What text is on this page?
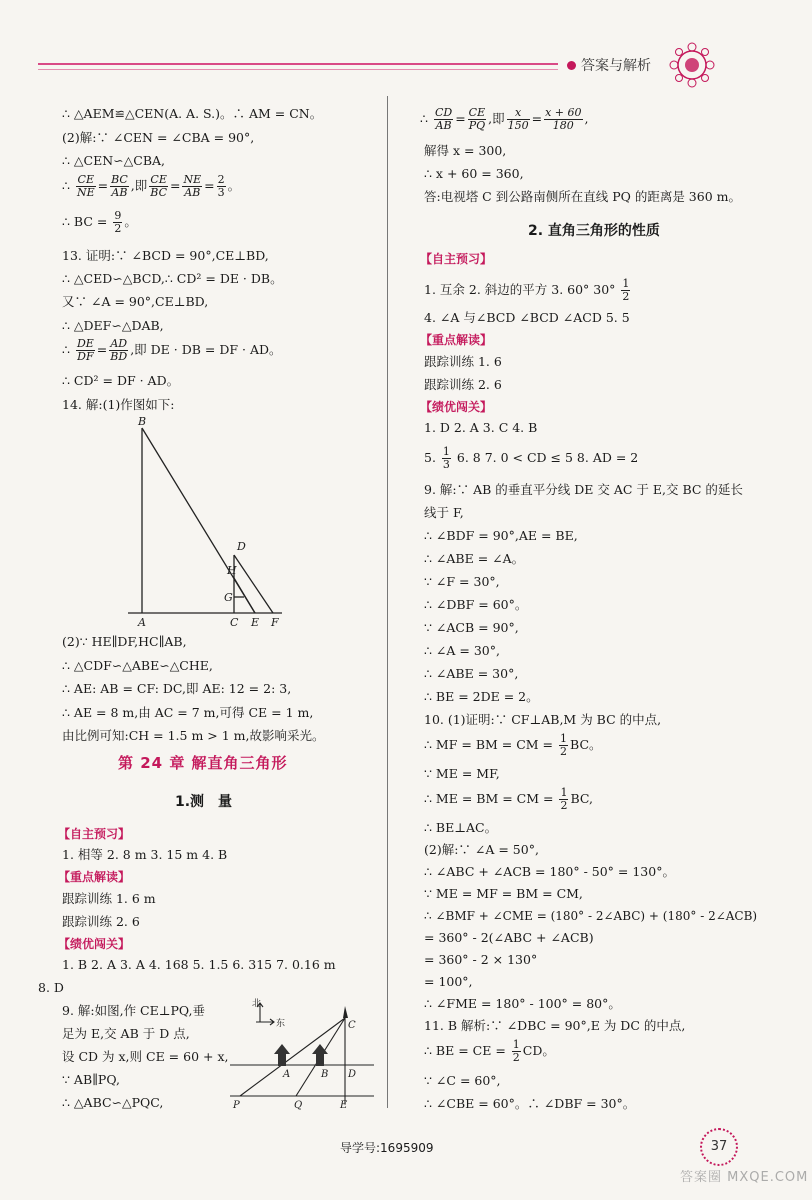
答案与解析
∴ △AEM≌△CEN(A. A. S.)。∴ AM = CN。
(2)解:∵ ∠CEN = ∠CBA = 90°,
∴ △CEN∽△CBA,
∴ $\frac{CE}{NE} = \frac{BC}{AB}$ ,即 $\frac{CE}{BC} = \frac{NE}{AB} = \frac{2}{3}$ 。
∴ BC = $\frac{9}{2}$ 。
13. 证明:∵ ∠BCD = 90°,CE⊥BD,
∴ △CED∽△BCD,∴ CD² = DE · DB。
又∵ ∠A = 90°,CE⊥BD,
∴ △DEF∽△DAB,
∴ $\frac{DE}{DF} = \frac{AD}{BD}$ ,即 DE · DB = DF · AD。
∴ CD² = DF · AD。
14. 解:(1)作图如下:
B
D
H
G
A	C E F
(2)∵ HE∥DF,HC∥AB,
∴ △CDF∽△ABE∽△CHE,
∴ AE: AB = CF: DC,即 AE: 12 = 2: 3,
∴ AE = 8 m,由 AC = 7 m,可得 CE = 1 m,
由比例可知:CH = 1.5 m > 1 m,故影响采光。
第 24 章 解直角三角形
1.测　量
【自主预习】
1. 相等 2. 8 m 3. 15 m 4. B
【重点解读】
跟踪训练 1. 6 m
跟踪训练 2. 6
【绩优闯关】
1. B 2. A 3. A 4. 168 5. 1.5 6. 315 7. 0.16 m
8. D
9. 解:如图,作 CE⊥PQ,垂
足为 E,交 AB 于 D 点,
设 CD 为 x,则 CE = 60 + x,
∵ AB∥PQ,
∴ △ABC∽△PQC,
北
东	C
A	B D
P	Q	E
∴ $\frac{CD}{AB} = \frac{CE}{PQ}$ ,即 $\frac{x}{150} = \frac{x + 60}{180}$ ,
解得 x = 300,
∴ x + 60 = 360,
答:电视塔 C 到公路南侧所在直线 PQ 的距离是 360 m。
2. 直角三角形的性质
【自主预习】
1. 互余 2. 斜边的平方 3. 60° $30^\circ \frac{1}{2}$
4. ∠A 与∠BCD ∠BCD ∠ACD 5. 5
【重点解读】
跟踪训练 1. 6
跟踪训练 2. 6
【绩优闯关】
1. D 2. A 3. C 4. B
5. $\frac{1}{3} 6$. 8 7. 0 < CD ≤ 5 8. AD = 2
9. 解:∵ AB 的垂直平分线 DE 交 AC 于 E,交 BC 的延长
线于 F,
∴ ∠BDF = 90°,AE = BE,
∴ ∠ABE = ∠A。
∵ ∠F = 30°,
∴ ∠DBF = 60°。
∵ ∠ACB = 90°,
∴ ∠A = 30°,
∴ ∠ABE = 30°,
∴ BE = 2DE = 2。
10. (1)证明:∵ CF⊥AB,M 为 BC 的中点,
∴ MF = BM = CM = $\frac{1}{2}$ BC。
∵ ME = MF,
∴ ME = BM = CM = $\frac{1}{2}$ BC,
∴ BE⊥AC。
(2)解:∵ ∠A = 50°,
∴ ∠ABC + ∠ACB = 180° - 50° = 130°。
∵ ME = MF = BM = CM,
∴ ∠BMF + ∠CME = (180° - 2∠ABC) + (180° - 2∠ACB)
= 360° - 2(∠ABC + ∠ACB)
= 360° - 2 × 130°
= 100°,
∴ ∠FME = 180° - 100° = 80°。
11. B 解析:∵ ∠DBC = 90°,E 为 DC 的中点,
∴ BE = CE = $\frac{1}{2}$ CD。
∵ ∠C = 60°,
∴ ∠CBE = 60°。∴ ∠DBF = 30°。
导学号:1695909	37
答案圈 MXQE.COM
